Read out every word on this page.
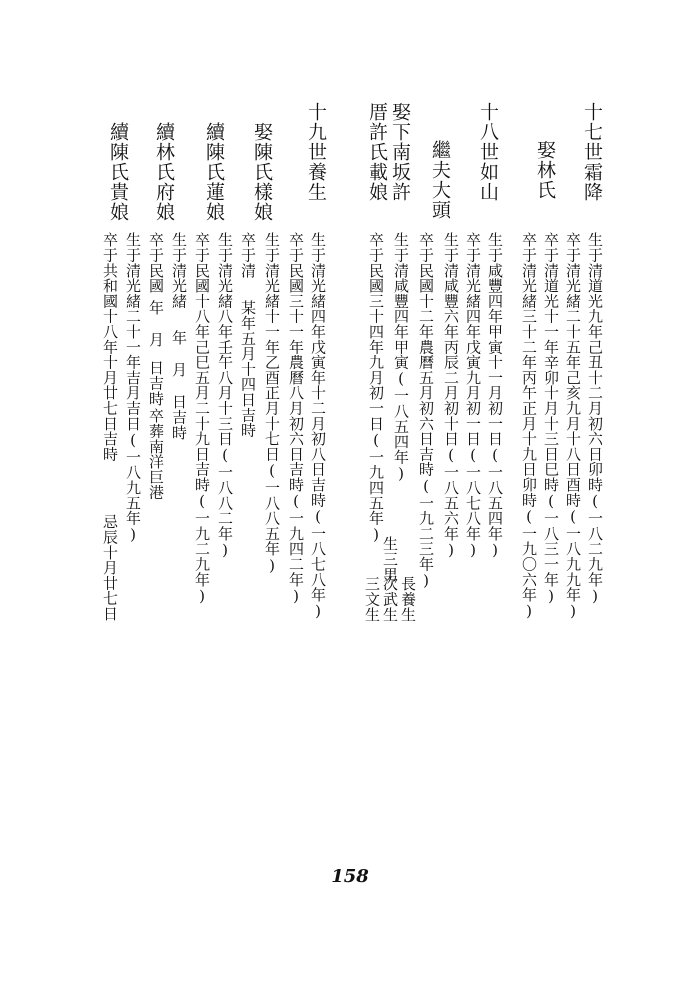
十七世霜降
娶林氏
生于清道光九年己丑十二月初六日卯時(一八二九年)
卒于清光緒二十五年己亥九月十八日酉時(一八九九年)
卒于清道光十一年辛卯十月十三日巳時(一八三一年)
卒于清光緒三十二年丙午正月十九日卯時(一九〇六年)
十八世如山
繼夫大頭
娶下南坂許
厝許氏載娘
生于咸豐四年甲寅十一月初一日(一八五四年)
卒于清光緒四年戊寅九月初一日(一八七八年)
生于清咸豐六年丙辰二月初十日(一八五六年)
卒于民國十二年農曆五月初六日吉時(一九二三年)
生于清咸豐四年甲寅(一八五四年)
卒于民國三十四年九月初一日(一九四五年)
生三男
長養生
次武生
三文生
十九世養生
娶陳氏樣娘
續陳氏蓮娘
續林氏府娘
續陳氏貴娘
生于清光緒四年戊寅年十二月初八日吉時(一八七八年)
卒于民國三十一年農曆八月初六日吉時(一九四二年)
生于清光緒十一年乙酉正月十七日(一八八五年)
卒于清
某年五月十四日吉時
生于清光緒八年壬午八月十三日(一八八二年)
卒于民國十八年己巳五月二十九日吉時(一九二九年)
生于清光緒
年
月
日吉時
卒于民國
年
月
日吉時
卒葬南洋巨港
生于清光緒二十一年吉月吉日(一八九五年)
卒于共和國十八年十月廿七日吉時
忌辰十月廿七日
158
